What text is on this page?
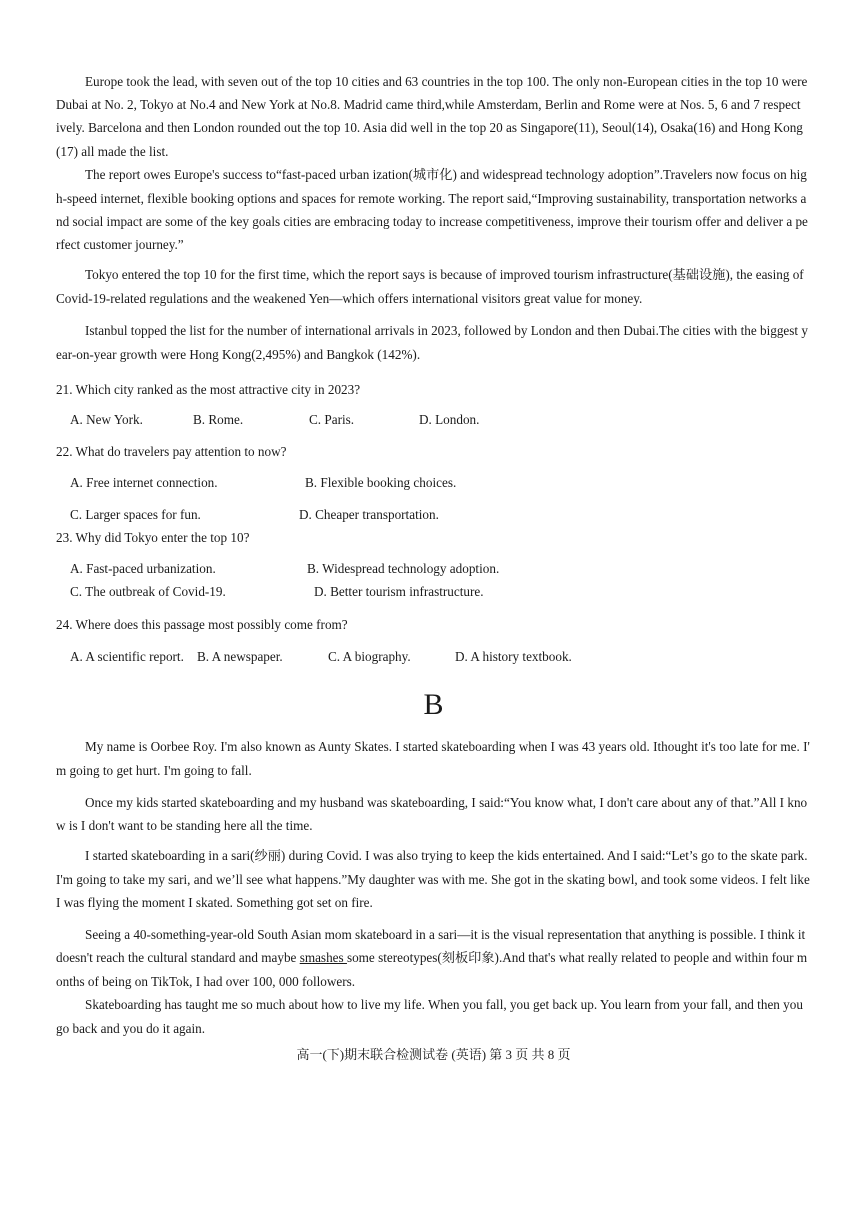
Europe took the lead, with seven out of the top 10 cities and 63 countries in the top 100. The only non-European cities in the top 10 were
Dubai at No. 2, Tokyo at No.4 and New York at No.8. Madrid came third,while Amsterdam, Berlin and Rome were at Nos. 5, 6 and 7 respect
ively. Barcelona and then London rounded out the top 10. Asia did well in the top 20 as Singapore(11), Seoul(14), Osaka(16) and Hong Kong
(17) all made the list.
The report owes Europe's success to“fast-paced urban ization(城市化) and widespread technology adoption”.Travelers now focus on hig
h-speed internet, flexible booking options and spaces for remote working. The report said,“Improving sustainability, transportation networks a
nd social impact are some of the key goals cities are embracing today to increase competitiveness, improve their tourism offer and deliver a pe
rfect customer journey.”
Tokyo entered the top 10 for the first time, which the report says is because of improved tourism infrastructure(基础设施), the easing of
Covid-19-related regulations and the weakened Yen—which offers international visitors great value for money.
Istanbul topped the list for the number of international arrivals in 2023, followed by London and then Dubai.The cities with the biggest y
ear-on-year growth were Hong Kong(2,495%) and Bangkok (142%).
21. Which city ranked as the most attractive city in 2023?
A. New York.	B. Rome.	C. Paris.	D. London.
22. What do travelers pay attention to now?
A. Free internet connection.	B. Flexible booking choices.
C. Larger spaces for fun.	D. Cheaper transportation.
23. Why did Tokyo enter the top 10?
A. Fast-paced urbanization.	B. Widespread technology adoption.
C. The outbreak of Covid-19.	D. Better tourism infrastructure.
24. Where does this passage most possibly come from?
A. A scientific report. B. A newspaper.	C. A biography.	D. A history textbook.
B
My name is Oorbee Roy. I'm also known as Aunty Skates. I started skateboarding when I was 43 years old. Ithought it's too late for me. I'
m going to get hurt. I'm going to fall.
Once my kids started skateboarding and my husband was skateboarding, I said:“You know what, I don't care about any of that.”All I kno
w is I don't want to be standing here all the time.
I started skateboarding in a sari(纱丽) during Covid. I was also trying to keep the kids entertained. And I said:“Let’s go to the skate park.
I'm going to take my sari, and we’ll see what happens.”My daughter was with me. She got in the skating bowl, and took some videos. I felt like
I was flying the moment I skated. Something got set on fire.
Seeing a 40-something-year-old South Asian mom skateboard in a sari—it is the visual representation that anything is possible. I think it
doesn't reach the cultural standard and maybe smashes some stereotypes(刻板印象).And that's what really related to people and within four m
onths of being on TikTok, I had over 100, 000 followers.
Skateboarding has taught me so much about how to live my life. When you fall, you get back up. You learn from your fall, and then you
go back and you do it again.
高一(下)期末联合检测试卷 (英语) 第 3 页 共 8 页
